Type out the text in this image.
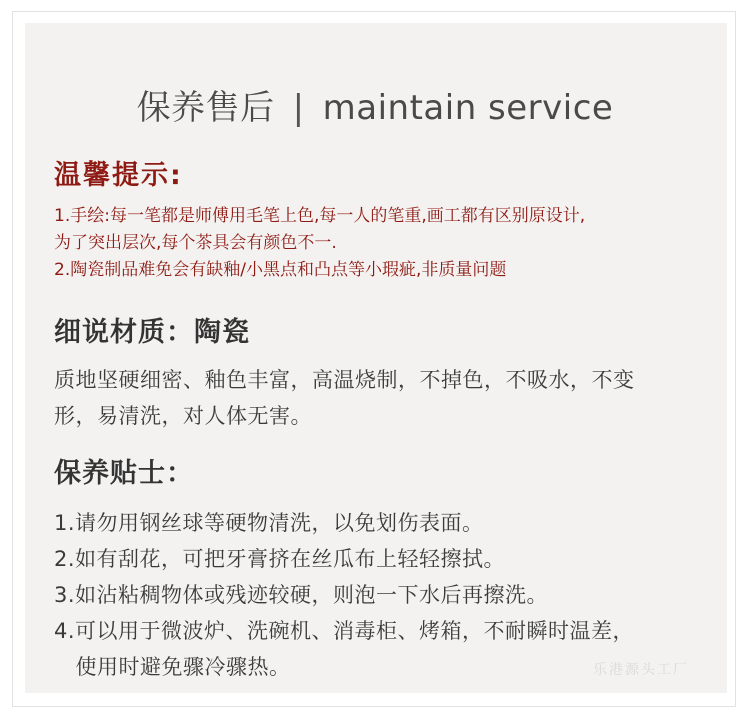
保养售后 | maintain service
温馨提示:
1.手绘:每一笔都是师傅用毛笔上色,每一人的笔重,画工都有区别原设计,
为了突出层次,每个茶具会有颜色不一.
2.陶瓷制品难免会有缺釉/小黑点和凸点等小瑕疵,非质量问题
细说材质：陶瓷
质地坚硬细密、釉色丰富，高温烧制，不掉色，不吸水，不变
形，易清洗，对人体无害。
保养贴士：
1.请勿用钢丝球等硬物清洗，以免划伤表面。
2.如有刮花，可把牙膏挤在丝瓜布上轻轻擦拭。
3.如沾粘稠物体或残迹较硬，则泡一下水后再擦洗。
4.可以用于微波炉、洗碗机、消毒柜、烤箱，不耐瞬时温差，
使用时避免骤冷骤热。	乐港源头工厂
